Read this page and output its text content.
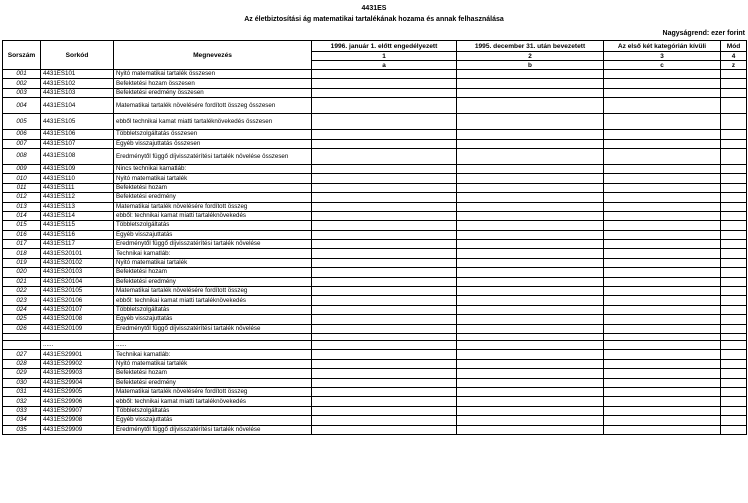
4431ES
Az életbiztosítási ág matematikai tartalékának hozama és annak felhasználása
Nagyságrend: ezer forint
Sorszám	Sorkód	Megnevezés	1996. január 1. előtt engedélyezett	1995. december 31. után bevezetett	Az első két kategórián kívüli	Mód
			1	2	3	4
			a	b	c	z
001	4431ES101	Nyitó matematikai tartalék összesen				
002	4431ES102	Befektetési hozam összesen				
003	4431ES103	Befektetési eredmény összesen				
004	4431ES104	Matematikai tartalék növelésére fordított összeg összesen				
005	4431ES105	ebből technikai kamat miatti tartaléknövekedés összesen				
006	4431ES106	Többletszolgáltatás összesen				
007	4431ES107	Egyéb visszajuttatás összesen				
008	4431ES108	Eredménytől függő díjvisszatérítési tartalék növelése összesen				
009	4431ES109	Nincs technikai kamatláb:				
010	4431ES110	Nyitó matematikai tartalék				
011	4431ES111	Befektetési hozam				
012	4431ES112	Befektetési eredmény				
013	4431ES113	Matematikai tartalék növelésére fordított összeg				
014	4431ES114	ebből: technikai kamat miatti tartaléknövekedés				
015	4431ES115	Többletszolgáltatás				
016	4431ES116	Egyéb visszajuttatás				
017	4431ES117	Eredménytől függő díjvisszatérítési tartalék növelése				
018	4431ES20101	Technikai kamatláb:				
019	4431ES20102	Nyitó matematikai tartalék				
020	4431ES20103	Befektetési hozam				
021	4431ES20104	Befektetési eredmény				
022	4431ES20105	Matematikai tartalék növelésére fordított összeg				
023	4431ES20106	ebből: technikai kamat miatti tartaléknövekedés				
024	4431ES20107	Többletszolgáltatás				
025	4431ES20108	Egyéb visszajuttatás				
026	4431ES20109	Eredménytől függő díjvisszatérítési tartalék növelése				

	......	......				
027	4431ES29901	Technikai kamatláb:				
028	4431ES29902	Nyitó matematikai tartalék				
029	4431ES29903	Befektetési hozam				
030	4431ES29904	Befektetési eredmény				
031	4431ES29905	Matematikai tartalék növelésére fordított összeg				
032	4431ES29906	ebből: technikai kamat miatti tartaléknövekedés				
033	4431ES29907	Többletszolgáltatás				
034	4431ES29908	Egyéb visszajuttatás				
035	4431ES29909	Eredménytől függő díjvisszatérítési tartalék növelése				
